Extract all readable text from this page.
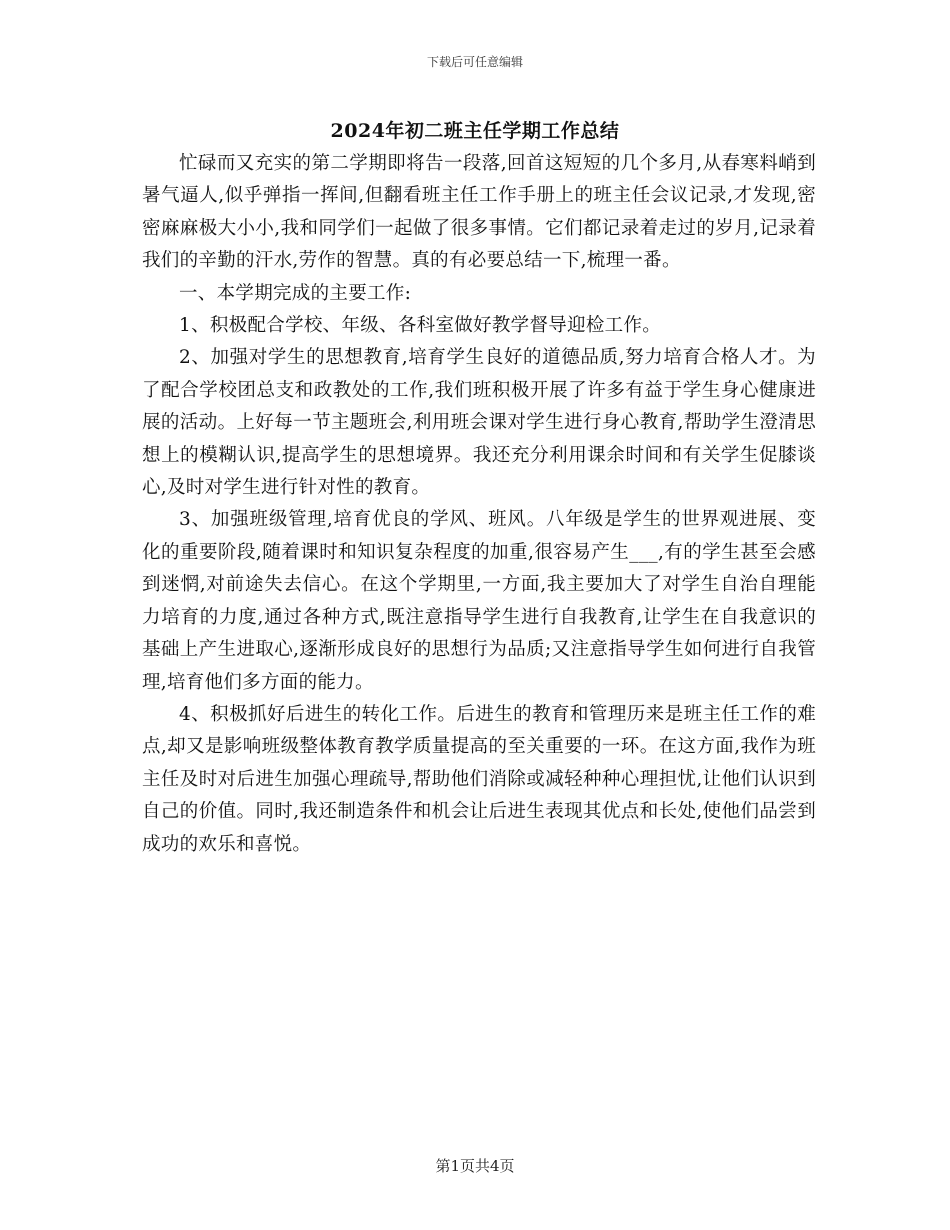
下载后可任意编辑
2024年初二班主任学期工作总结

忙碌而又充实的第二学期即将告一段落,回首这短短的几个多月,从春寒料峭到暑气逼人,似乎弹指一挥间,但翻看班主任工作手册上的班主任会议记录,才发现,密密麻麻极大小小,我和同学们一起做了很多事情。它们都记录着走过的岁月,记录着我们的辛勤的汗水,劳作的智慧。真的有必要总结一下,梳理一番。

一、本学期完成的主要工作:

1、积极配合学校、年级、各科室做好教学督导迎检工作。

2、加强对学生的思想教育,培育学生良好的道德品质,努力培育合格人才。为了配合学校团总支和政教处的工作,我们班积极开展了许多有益于学生身心健康进展的活动。上好每一节主题班会,利用班会课对学生进行身心教育,帮助学生澄清思想上的模糊认识,提高学生的思想境界。我还充分利用课余时间和有关学生促膝谈心,及时对学生进行针对性的教育。

3、加强班级管理,培育优良的学风、班风。八年级是学生的世界观进展、变化的重要阶段,随着课时和知识复杂程度的加重,很容易产生___,有的学生甚至会感到迷惘,对前途失去信心。在这个学期里,一方面,我主要加大了对学生自治自理能力培育的力度,通过各种方式,既注意指导学生进行自我教育,让学生在自我意识的基础上产生进取心,逐渐形成良好的思想行为品质;又注意指导学生如何进行自我管理,培育他们多方面的能力。

4、积极抓好后进生的转化工作。后进生的教育和管理历来是班主任工作的难点,却又是影响班级整体教育教学质量提高的至关重要的一环。在这方面,我作为班主任及时对后进生加强心理疏导,帮助他们消除或减轻种种心理担忧,让他们认识到自己的价值。同时,我还制造条件和机会让后进生表现其优点和长处,使他们品尝到成功的欢乐和喜悦。

第1页共4页
